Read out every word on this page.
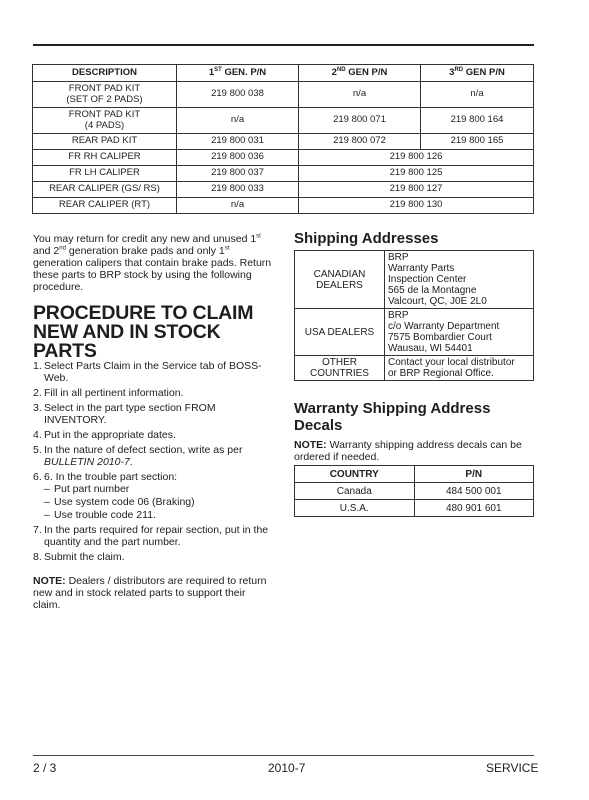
DESCRIPTION	1ST GEN. P/N	2ND GEN P/N	3RD GEN P/N
FRONT PAD KIT
(SET OF 2 PADS)	219 800 038	n/a	n/a
FRONT PAD KIT
(4 PADS)	n/a	219 800 071	219 800 164
REAR PAD KIT	219 800 031	219 800 072	219 800 165
FR RH CALIPER	219 800 036	219 800 126	
FR LH CALIPER	219 800 037	219 800 125	
REAR CALIPER (GS/ RS)	219 800 033	219 800 127	
REAR CALIPER (RT)	n/a	219 800 130	
You may return for credit any new and unused 1st and 2nd generation brake pads and only 1st generation calipers that contain brake pads. Return these parts to BRP stock by using the following procedure.
PROCEDURE TO CLAIM
NEW AND IN STOCK
PARTS
1. Select Parts Claim in the Service tab of BOSS-Web.
2. Fill in all pertinent information.
3. Select in the part type section FROM INVENTORY.
4. Put in the appropriate dates.
5. In the nature of defect section, write as per BULLETIN 2010-7.
6. 6. In the trouble part section:
– Put part number
– Use system code 06 (Braking)
– Use trouble code 211.
7. In the parts required for repair section, put in the quantity and the part number.
8. Submit the claim.
NOTE: Dealers / distributors are required to return new and in stock related parts to support their claim.
Shipping Addresses
CANADIAN
DEALERS	BRP
Warranty Parts
Inspection Center
565 de la Montagne
Valcourt, QC, J0E 2L0

USA DEALERS	BRP
c/o Warranty Department
7575 Bombardier Court
Wausau, WI 54401

OTHER
COUNTRIES	Contact your local distributor
or BRP Regional Office.
Warranty Shipping Address
Decals
NOTE: Warranty shipping address decals can be ordered if needed.
COUNTRY	P/N
Canada	484 500 001
U.S.A.	480 901 601
2 / 3	2010-7	SERVICE
